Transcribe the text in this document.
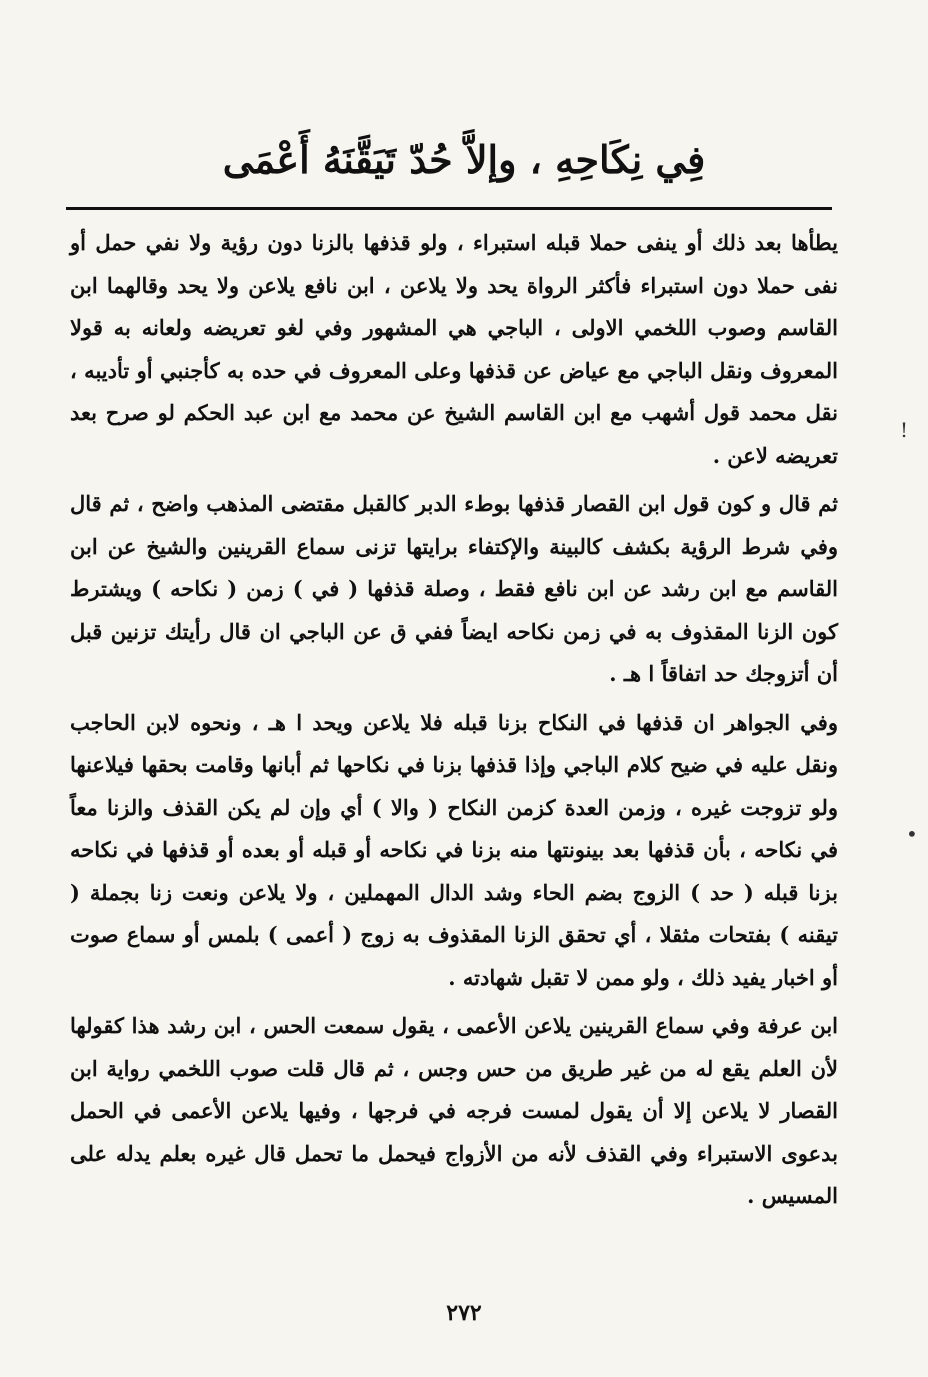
فِي نِكَاحِهِ ، وإلاَّ حُدّ تَيَقَّنَهُ أَعْمَى

يطأها بعد ذلك أو ينفى حملا قبله استبراء ، ولو قذفها بالزنا دون رؤية ولا نفي حمل أو نفى حملا دون استبراء فأكثر الرواة يحد ولا يلاعن ، ابن نافع يلاعن ولا يحد وقالهما ابن القاسم وصوب اللخمي الاولى ، الباجي هي المشهور وفي لغو تعريضه ولعانه به قولا المعروف ونقل الباجي مع عياض عن قذفها وعلى المعروف في حده به كأجنبي أو تأديبه ، نقل محمد قول أشهب مع ابن القاسم الشيخ عن محمد مع ابن عبد الحكم لو صرح بعد تعريضه لاعن .

ثم قال و كون قول ابن القصار قذفها بوطء الدبر كالقبل مقتضى المذهب واضح ، ثم قال وفي شرط الرؤية بكشف كالبينة والإكتفاء برايتها تزنى سماع القرينين والشيخ عن ابن القاسم مع ابن رشد عن ابن نافع فقط ، وصلة قذفها ( في ) زمن ( نكاحه ) ويشترط كون الزنا المقذوف به في زمن نكاحه ايضاً ففي ق عن الباجي ان قال رأيتك تزنين قبل أن أتزوجك حد اتفاقاً ا هـ .

وفي الجواهر ان قذفها في النكاح بزنا قبله فلا يلاعن ويحد ا هـ ، ونحوه لابن الحاجب ونقل عليه في ضيح كلام الباجي وإذا قذفها بزنا في نكاحها ثم أبانها وقامت بحقها فيلاعنها ولو تزوجت غيره ، وزمن العدة كزمن النكاح ( والا ) أي وإن لم يكن القذف والزنا معاً في نكاحه ، بأن قذفها بعد بينونتها منه بزنا في نكاحه أو قبله أو بعده أو قذفها في نكاحه بزنا قبله ( حد ) الزوج بضم الحاء وشد الدال المهملين ، ولا يلاعن ونعت زنا بجملة ( تيقنه ) بفتحات مثقلا ، أي تحقق الزنا المقذوف به زوج ( أعمى ) بلمس أو سماع صوت أو اخبار يفيد ذلك ، ولو ممن لا تقبل شهادته .

ابن عرفة وفي سماع القرينين يلاعن الأعمى ، يقول سمعت الحس ، ابن رشد هذا كقولها لأن العلم يقع له من غير طريق من حس وجس ، ثم قال قلت صوب اللخمي رواية ابن القصار لا يلاعن إلا أن يقول لمست فرجه في فرجها ، وفيها يلاعن الأعمى في الحمل بدعوى الاستبراء وفي القذف لأنه من الأزواج فيحمل ما تحمل قال غيره بعلم يدله على المسيس .

!
•
٢٧٢
